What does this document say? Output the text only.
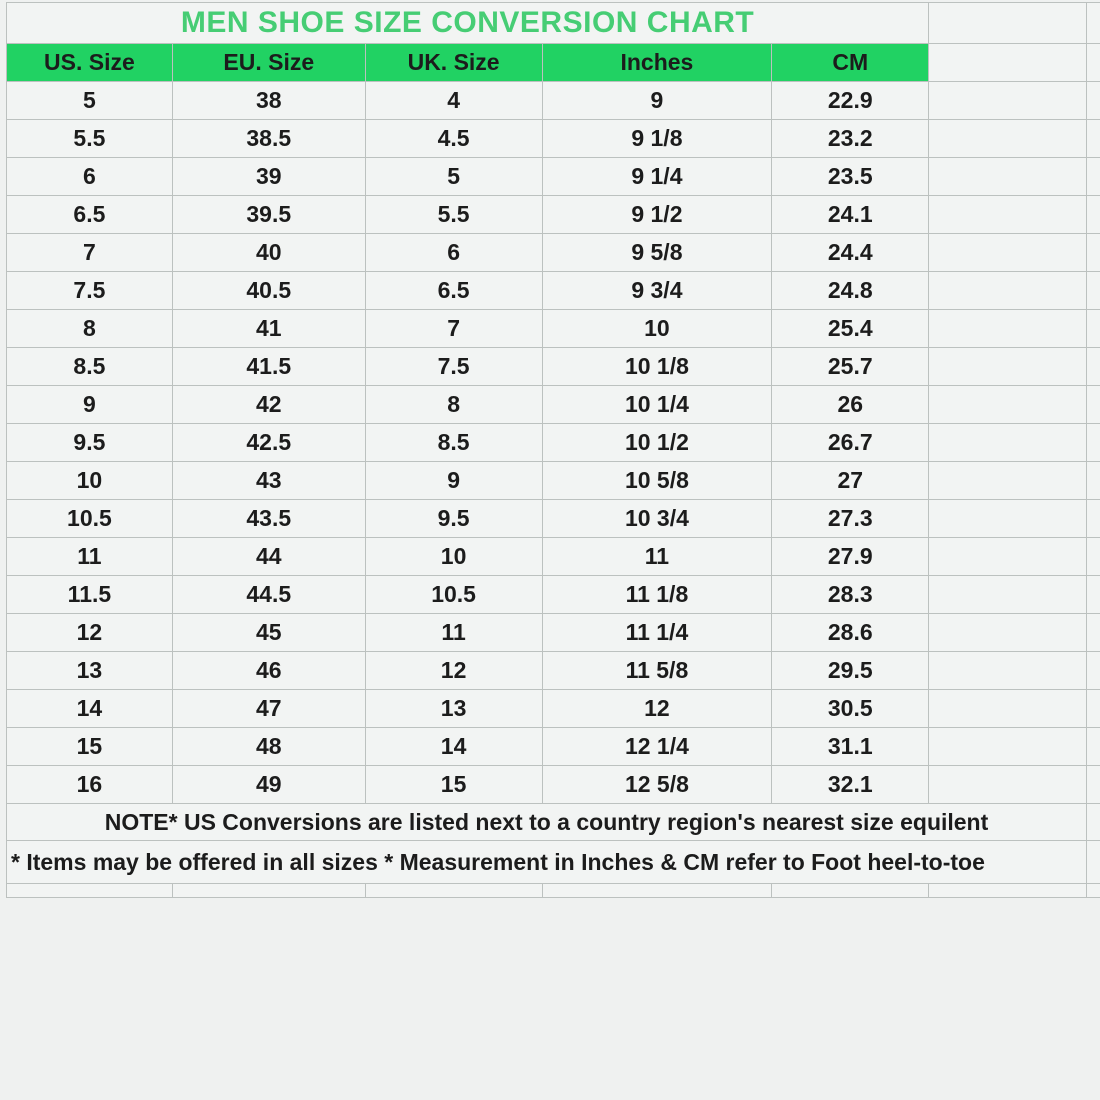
MEN SHOE SIZE CONVERSION CHART
US. Size	EU. Size	UK. Size	Inches	CM
5	38	4	9	22.9
5.5	38.5	4.5	9 1/8	23.2
6	39	5	9 1/4	23.5
6.5	39.5	5.5	9 1/2	24.1
7	40	6	9 5/8	24.4
7.5	40.5	6.5	9 3/4	24.8
8	41	7	10	25.4
8.5	41.5	7.5	10 1/8	25.7
9	42	8	10 1/4	26
9.5	42.5	8.5	10 1/2	26.7
10	43	9	10 5/8	27
10.5	43.5	9.5	10 3/4	27.3
11	44	10	11	27.9
11.5	44.5	10.5	11 1/8	28.3
12	45	11	11 1/4	28.6
13	46	12	11 5/8	29.5
14	47	13	12	30.5
15	48	14	12 1/4	31.1
16	49	15	12 5/8	32.1
NOTE* US Conversions are listed next to a country region's nearest size equilent
* Items may be offered in all sizes * Measurement in Inches & CM refer to Foot heel-to-toe
